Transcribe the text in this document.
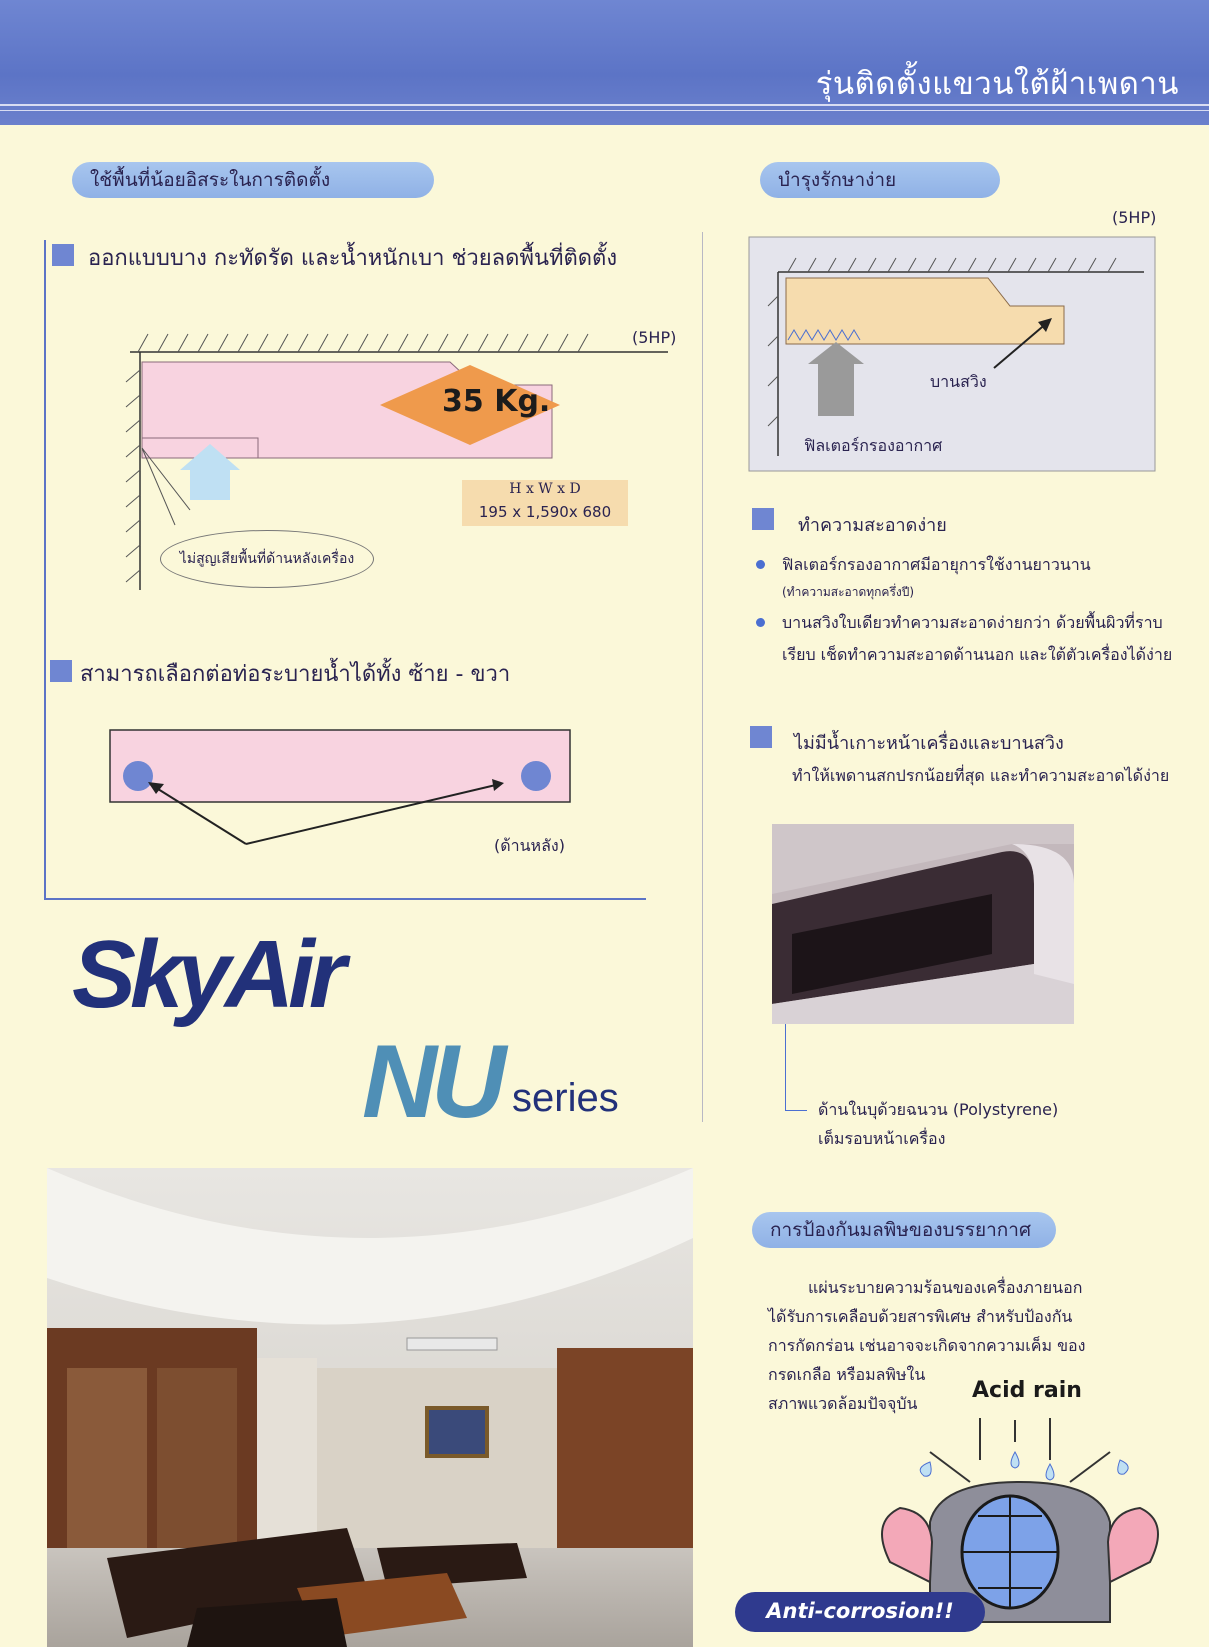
รุ่นติดตั้งแขวนใต้ฝ้าเพดาน
ใช้พื้นที่น้อยอิสระในการติดตั้ง
ออกแบบบาง กะทัดรัด และน้ำหนักเบา ช่วยลดพื้นที่ติดตั้ง
(5HP)
35 Kg.
H x W x D
195 x 1,590x 680
ไม่สูญเสียพื้นที่ด้านหลังเครื่อง
สามารถเลือกต่อท่อระบายน้ำได้ทั้ง ซ้าย - ขวา
(ด้านหลัง)
SkyAir
NU series
บำรุงรักษาง่าย
(5HP)
บานสวิง
ฟิลเตอร์กรองอากาศ
ทำความสะอาดง่าย
ฟิลเตอร์กรองอากาศมีอายุการใช้งานยาวนาน
(ทำความสะอาดทุกครึ่งปี)
บานสวิงใบเดียวทำความสะอาดง่ายกว่า ด้วยพื้นผิวที่ราบ
เรียบ เช็ดทำความสะอาดด้านนอก และใต้ตัวเครื่องได้ง่าย
ไม่มีน้ำเกาะหน้าเครื่องและบานสวิง
ทำให้เพดานสกปรกน้อยที่สุด และทำความสะอาดได้ง่าย
ด้านในบุด้วยฉนวน (Polystyrene)
เต็มรอบหน้าเครื่อง
การป้องกันมลพิษของบรรยากาศ
แผ่นระบายความร้อนของเครื่องภายนอก
ได้รับการเคลือบด้วยสารพิเศษ สำหรับป้องกัน
การกัดกร่อน เช่นอาจจะเกิดจากความเค็ม ของ
กรดเกลือ หรือมลพิษใน
สภาพแวดล้อมปัจจุบัน
Acid rain
Anti-corrosion!!
